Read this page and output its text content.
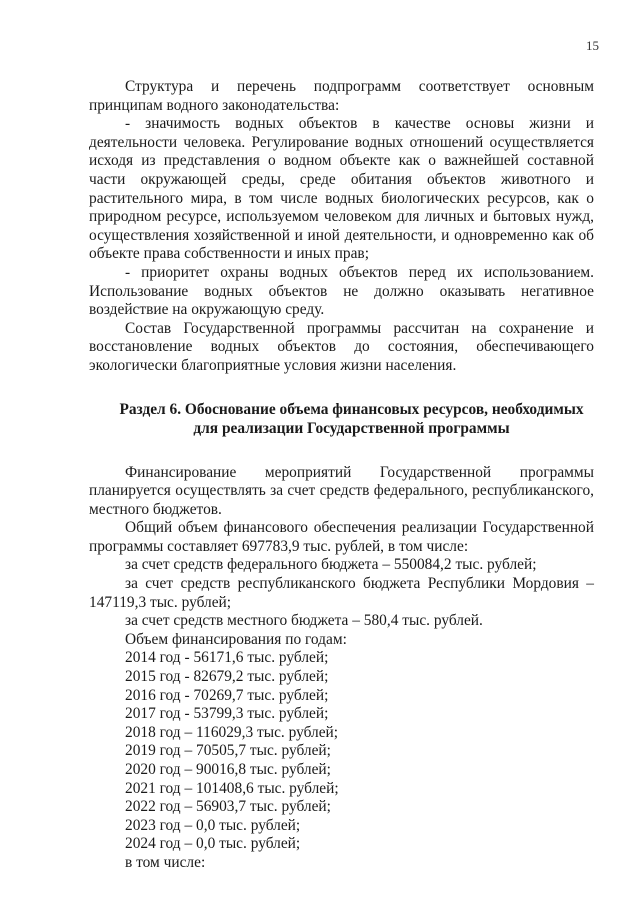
15

Структура и перечень подпрограмм соответствует основным принципам водного законодательства:

- значимость водных объектов в качестве основы жизни и деятельности человека. Регулирование водных отношений осуществляется исходя из представления о водном объекте как о важнейшей составной части окружающей среды, среде обитания объектов животного и растительного мира, в том числе водных биологических ресурсов, как о природном ресурсе, используемом человеком для личных и бытовых нужд, осуществления хозяйственной и иной деятельности, и одновременно как об объекте права собственности и иных прав;

- приоритет охраны водных объектов перед их использованием. Использование водных объектов не должно оказывать негативное воздействие на окружающую среду.

Состав Государственной программы рассчитан на сохранение и восстановление водных объектов до состояния, обеспечивающего экологически благоприятные условия жизни населения.

Раздел 6. Обоснование объема финансовых ресурсов, необходимых
для реализации Государственной программы

Финансирование мероприятий Государственной программы планируется осуществлять за счет средств федерального, республиканского, местного бюджетов.

Общий объем финансового обеспечения реализации Государственной программы составляет 697783,9 тыс. рублей, в том числе:

за счет средств федерального бюджета – 550084,2 тыс. рублей;

за счет средств республиканского бюджета Республики Мордовия – 147119,3 тыс. рублей;

за счет средств местного бюджета – 580,4 тыс. рублей.

Объем финансирования по годам:

2014 год - 56171,6 тыс. рублей;

2015 год - 82679,2 тыс. рублей;

2016 год - 70269,7 тыс. рублей;

2017 год - 53799,3 тыс. рублей;

2018 год – 116029,3 тыс. рублей;

2019 год – 70505,7 тыс. рублей;

2020 год – 90016,8 тыс. рублей;

2021 год – 101408,6 тыс. рублей;

2022 год – 56903,7 тыс. рублей;

2023 год – 0,0 тыс. рублей;

2024 год – 0,0 тыс. рублей;

в том числе:
